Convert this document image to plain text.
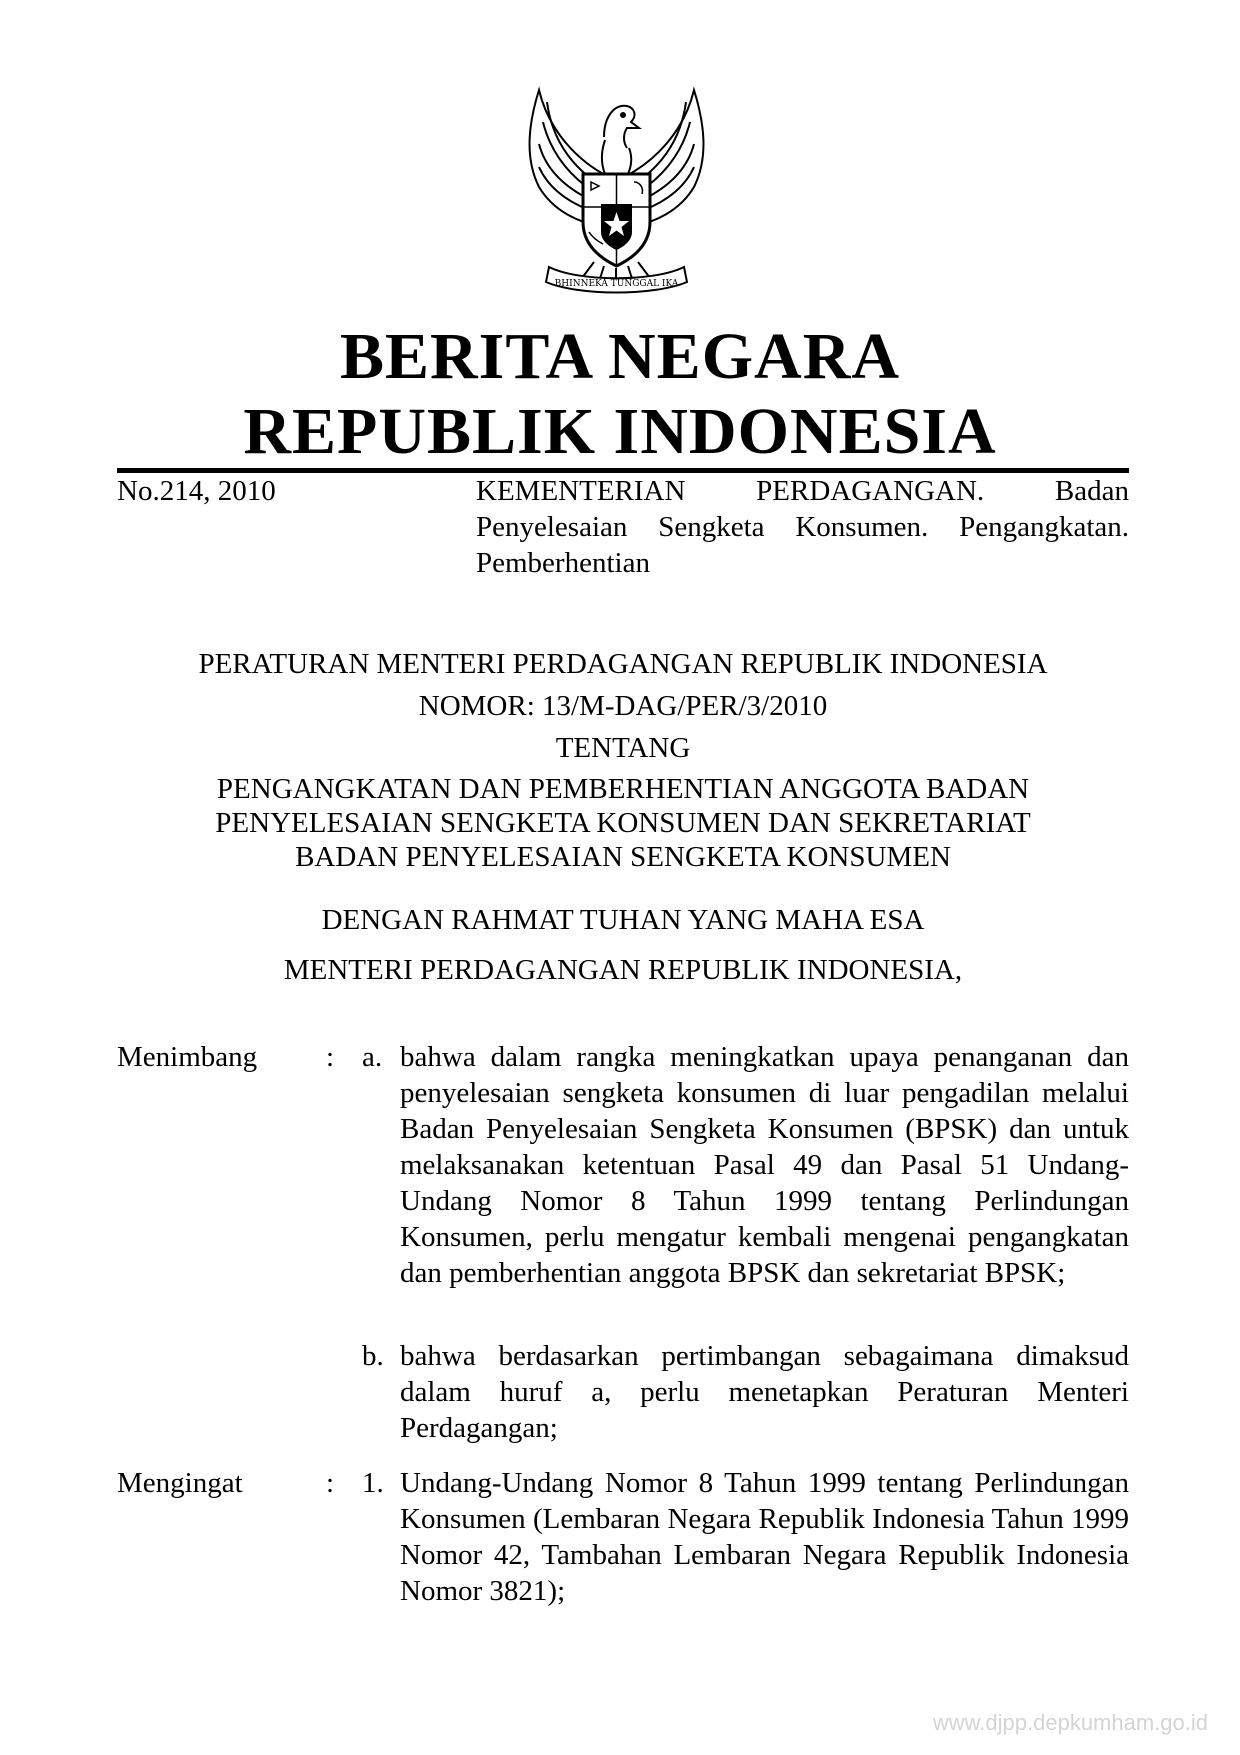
BHINNEKA TUNGGAL IKA
BERITA NEGARA
REPUBLIK INDONESIA
No.214, 2010	KEMENTERIAN PERDAGANGAN. Badan Penyelesaian Sengketa Konsumen. Pengangkatan. Pemberhentian
PERATURAN MENTERI PERDAGANGAN REPUBLIK INDONESIA
NOMOR: 13/M-DAG/PER/3/2010
TENTANG
PENGANGKATAN DAN PEMBERHENTIAN ANGGOTA BADAN
PENYELESAIAN SENGKETA KONSUMEN DAN SEKRETARIAT
BADAN PENYELESAIAN SENGKETA KONSUMEN
DENGAN RAHMAT TUHAN YANG MAHA ESA
MENTERI PERDAGANGAN REPUBLIK INDONESIA,
Menimbang : a. bahwa dalam rangka meningkatkan upaya penanganan dan penyelesaian sengketa konsumen di luar pengadilan melalui Badan Penyelesaian Sengketa Konsumen (BPSK) dan untuk melaksanakan ketentuan Pasal 49 dan Pasal 51 Undang-Undang Nomor 8 Tahun 1999 tentang Perlindungan Konsumen, perlu mengatur kembali mengenai pengangkatan dan pemberhentian anggota BPSK dan sekretariat BPSK;
b. bahwa berdasarkan pertimbangan sebagaimana dimaksud dalam huruf a, perlu menetapkan Peraturan Menteri Perdagangan;
Mengingat	: 1. Undang-Undang Nomor 8 Tahun 1999 tentang Perlindungan Konsumen (Lembaran Negara Republik Indonesia Tahun 1999 Nomor 42, Tambahan Lembaran Negara Republik Indonesia Nomor 3821);
www.djpp.depkumham.go.id
